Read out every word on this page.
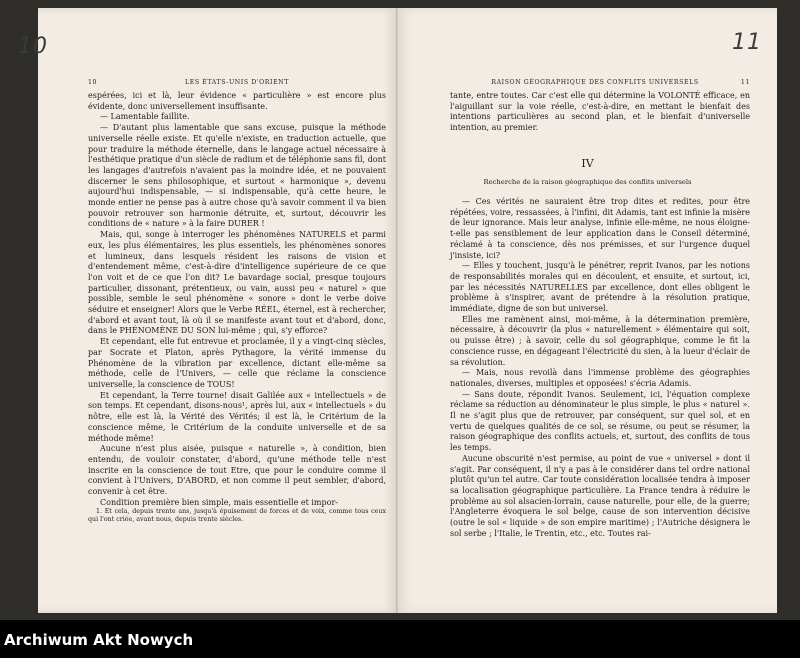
10
10	LES ÉTATS-UNIS D'ORIENT

espérées, ici et là, leur évidence « particulière » est encore plus évidente, donc universellement insuffisante.

— Lamentable faillite.

— D'autant plus lamentable que sans excuse, puisque la méthode universelle réelle existe. Et qu'elle n'existe, en traduction actuelle, que pour traduire la méthode éternelle, dans le langage actuel nécessaire à l'esthétique pratique d'un siècle de radium et de téléphonie sans fil, dont les langages d'autrefois n'avaient pas la moindre idée, et ne pouvaient discerner le sens philosophique, et surtout « harmonique », devenu aujourd'hui indispensable, — si indispensable, qu'à cette heure, le monde entier ne pense pas à autre chose qu'à savoir comment il va bien pouvoir retrouver son harmonie détruite, et, surtout, découvrir les conditions de « nature » à la faire DURER !

Mais, qui, songe à interroger les phénomènes NATURELS et parmi eux, les plus élémentaires, les plus essentiels, les phénomènes sonores et lumineux, dans lesquels résident les raisons de vision et d'entendement même, c'est-à-dire d'intelligence supérieure de ce que l'on voit et de ce que l'on dit? Le bavardage social, presque toujours particulier, dissonant, prétentieux, ou vain, aussi peu « naturel » que possible, semble le seul phénomène « sonore » dont le verbe doive séduire et enseigner! Alors que le Verbe RÉEL, éternel, est à rechercher, d'abord et avant tout, là où il se manifeste avant tout et d'abord, donc, dans le PHÉNOMÈNE DU SON lui-même ; qui, s'y efforce?

Et cependant, elle fut entrevue et proclamée, il y a vingt-cinq siècles, par Socrate et Platon, après Pythagore, la vérité immense du Phénomène de la vibration par excellence, dictant elle-même sa méthode, celle de l'Univers, — celle que réclame la conscience universelle, la conscience de TOUS!

Et cependant, la Terre tourne! disait Galilée aux « intellectuels » de son temps. Et cependant, disons-nous¹, après lui, aux « intellectuels » du nôtre, elle est là, la Vérité des Vérités; il est là, le Critérium de la conscience même, le Critérium de la conduite universelle et de sa méthode même!

Aucune n'est plus aisée, puisque « naturelle », à condition, bien entendu, de vouloir constater, d'abord, qu'une méthode telle n'est inscrite en la conscience de tout Etre, que pour le conduire comme il convient à l'Univers, D'ABORD, et non comme il peut sembler, d'abord, convenir à cet être.

Condition première bien simple, mais essentielle et impor-

1. Et cela, depuis trente ans, jusqu'à épuisement de forces et de voix, comme tous ceux qui l'ont criée, avant nous, depuis trente siècles.

11
RAISON GÉOGRAPHIQUE DES CONFLITS UNIVERSELS	11

tante, entre toutes. Car c'est elle qui détermine la VOLONTÉ efficace, en l'aiguillant sur la voie réelle, c'est-à-dire, en mettant le bienfait des intentions particulières au second plan, et le bienfait d'universelle intention, au premier.

IV
Recherche de la raison géographique des conflits universels

— Ces vérités ne sauraient être trop dites et redites, pour être répétées, voire, ressassées, à l'infini, dit Adamis, tant est infinie la misère de leur ignorance. Mais leur analyse, infinie elle-même, ne nous éloigne-t-elle pas sensiblement de leur application dans le Conseil déterminé, réclamé à ta conscience, dès nos prémisses, et sur l'urgence duquel j'insiste, ici?

— Elles y touchent, jusqu'à le pénétrer, reprit Ivanos, par les notions de responsabilités morales qui en découlent, et ensuite, et surtout, ici, par les nécessités NATURELLES par excellence, dont elles obligent le problème à s'inspirer, avant de prétendre à la résolution pratique, immédiate, digne de son but universel.

Elles me ramènent ainsi, moi-même, à la détermination première, nécessaire, à découvrir (la plus « naturellement » élémentaire qui soit, ou puisse être) ; à savoir, celle du sol géographique, comme le fit la conscience russe, en dégageant l'électricité du sien, à la lueur d'éclair de sa révolution.

— Mais, nous revoilà dans l'immense problème des géographies nationales, diverses, multiples et opposées! s'écria Adamis.

— Sans doute, répondit Ivanos. Seulement, ici, l'équation complexe réclame sa réduction au dénominateur le plus simple, le plus « naturel ». Il ne s'agit plus que de retrouver, par conséquent, sur quel sol, et en vertu de quelques qualités de ce sol, se résume, ou peut se résumer, la raison géographique des conflits actuels, et, surtout, des conflits de tous les temps.

Aucune obscurité n'est permise, au point de vue « universel » dont il s'agit. Par conséquent, il n'y a pas à le considérer dans tel ordre national plutôt qu'un tel autre. Car toute considération localisée tendra à imposer sa localisation géographique particulière. La France tendra à réduire le problème au sol alsacien-lorrain, cause naturelle, pour elle, de la guerre; l'Angleterre évoquera le sol belge, cause de son intervention décisive (outre le sol « liquide » de son empire maritime) ; l'Autriche désignera le sol serbe ; l'Italie, le Trentin, etc., etc. Toutes rai-

Archiwum Akt Nowych
